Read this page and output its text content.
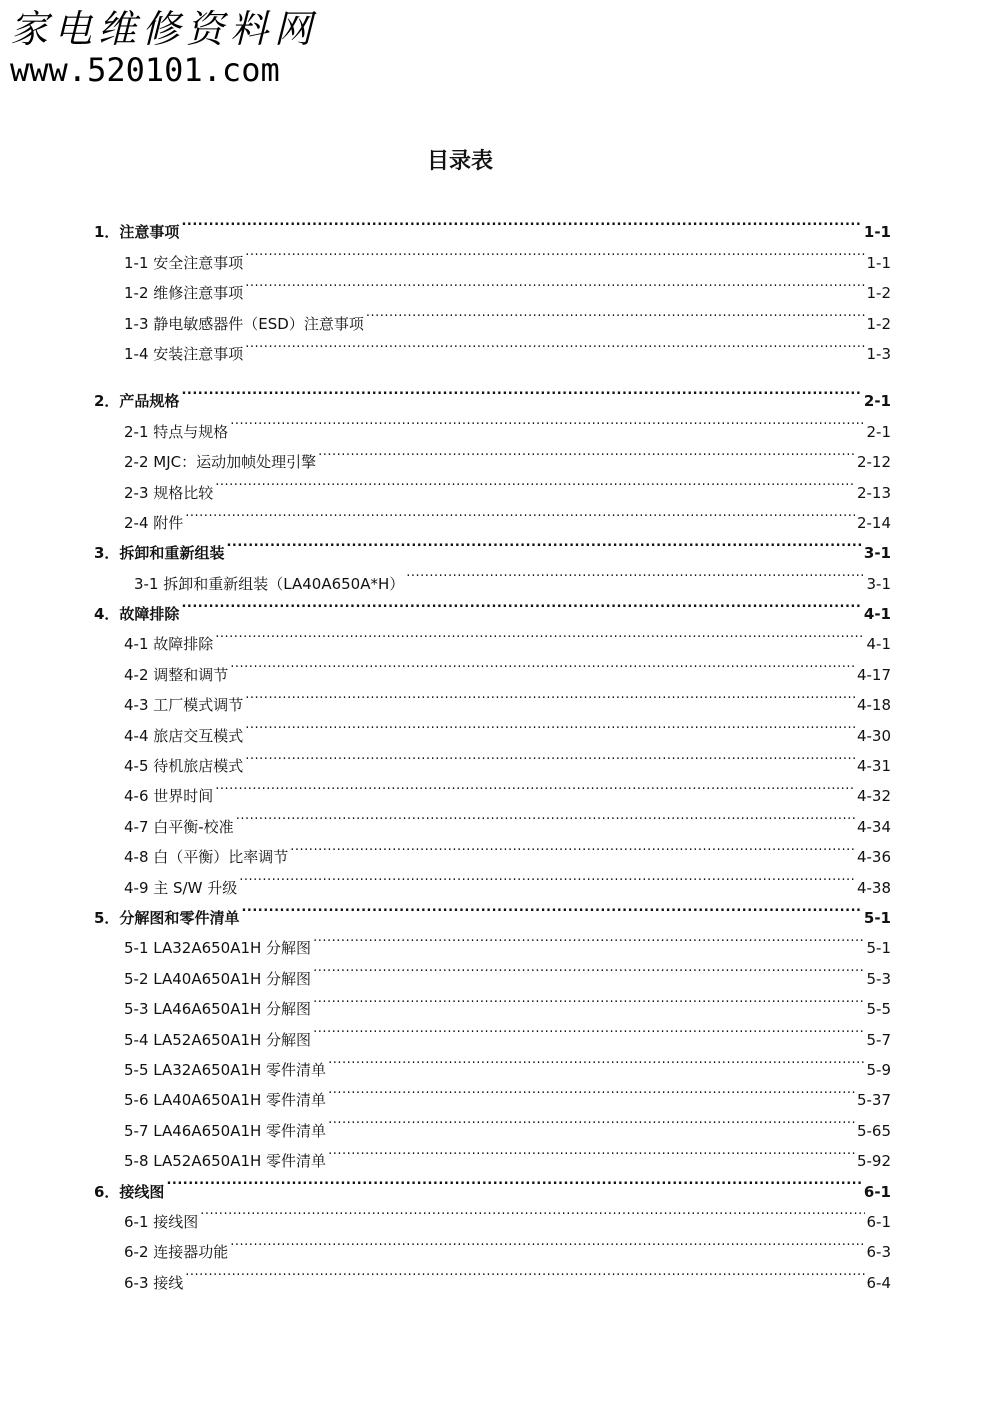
家电维修资料网
www.520101.com
目录表
1．注意事项 .....	1-1
1-1 安全注意事项 .....	1-1
1-2 维修注意事项 .....	1-2
1-3 静电敏感器件（ESD）注意事项 .....	1-2
1-4 安装注意事项 .....	1-3
2．产品规格 .....	2-1
2-1 特点与规格 .....	2-1
2-2 MJC：运动加帧处理引擎 .....	2-12
2-3 规格比较 .....	2-13
2-4 附件 .....	2-14
3．拆卸和重新组装 .....	3-1
3-1 拆卸和重新组装（LA40A650A*H） .....	3-1
4．故障排除 .....	4-1
4-1 故障排除 .....	4-1
4-2 调整和调节 .....	4-17
4-3 工厂模式调节 .....	4-18
4-4 旅店交互模式 .....	4-30
4-5 待机旅店模式 .....	4-31
4-6 世界时间 .....	4-32
4-7 白平衡-校准 .....	4-34
4-8 白（平衡）比率调节 .....	4-36
4-9 主 S/W 升级 .....	4-38
5．分解图和零件清单 .....	5-1
5-1 LA32A650A1H 分解图 .....	5-1
5-2 LA40A650A1H 分解图 .....	5-3
5-3 LA46A650A1H 分解图 .....	5-5
5-4 LA52A650A1H 分解图 .....	5-7
5-5 LA32A650A1H 零件清单 .....	5-9
5-6 LA40A650A1H 零件清单 .....	5-37
5-7 LA46A650A1H 零件清单 .....	5-65
5-8 LA52A650A1H 零件清单 .....	5-92
6．接线图 .....	6-1
6-1 接线图 .....	6-1
6-2 连接器功能 .....	6-3
6-3 接线 .....	6-4
